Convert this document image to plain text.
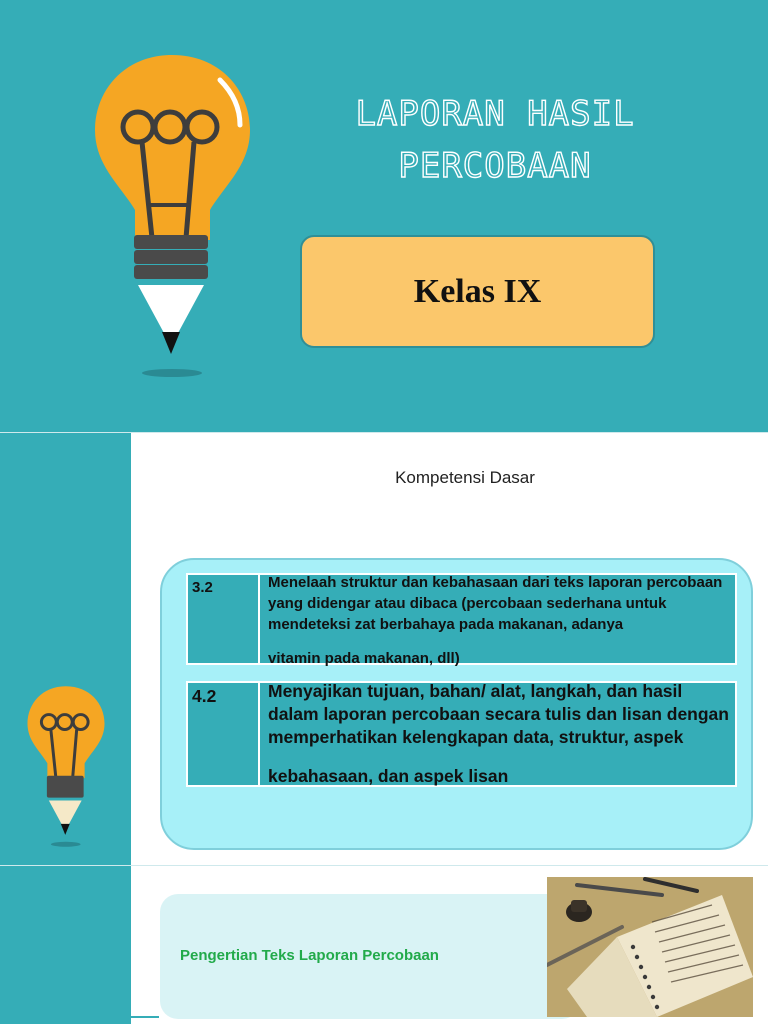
LAPORAN HASIL
PERCOBAAN
Kelas IX
Kompetensi Dasar
3.2	Menelaah struktur dan kebahasaan dari teks laporan percobaan yang didengar atau dibaca (percobaan sederhana untuk mendeteksi zat berbahaya pada makanan, adanya
vitamin pada makanan, dll)
4.2	Menyajikan tujuan, bahan/ alat, langkah, dan hasil dalam laporan percobaan secara tulis dan lisan dengan memperhatikan kelengkapan data, struktur, aspek
kebahasaan, dan aspek lisan
Pengertian Teks Laporan Percobaan
